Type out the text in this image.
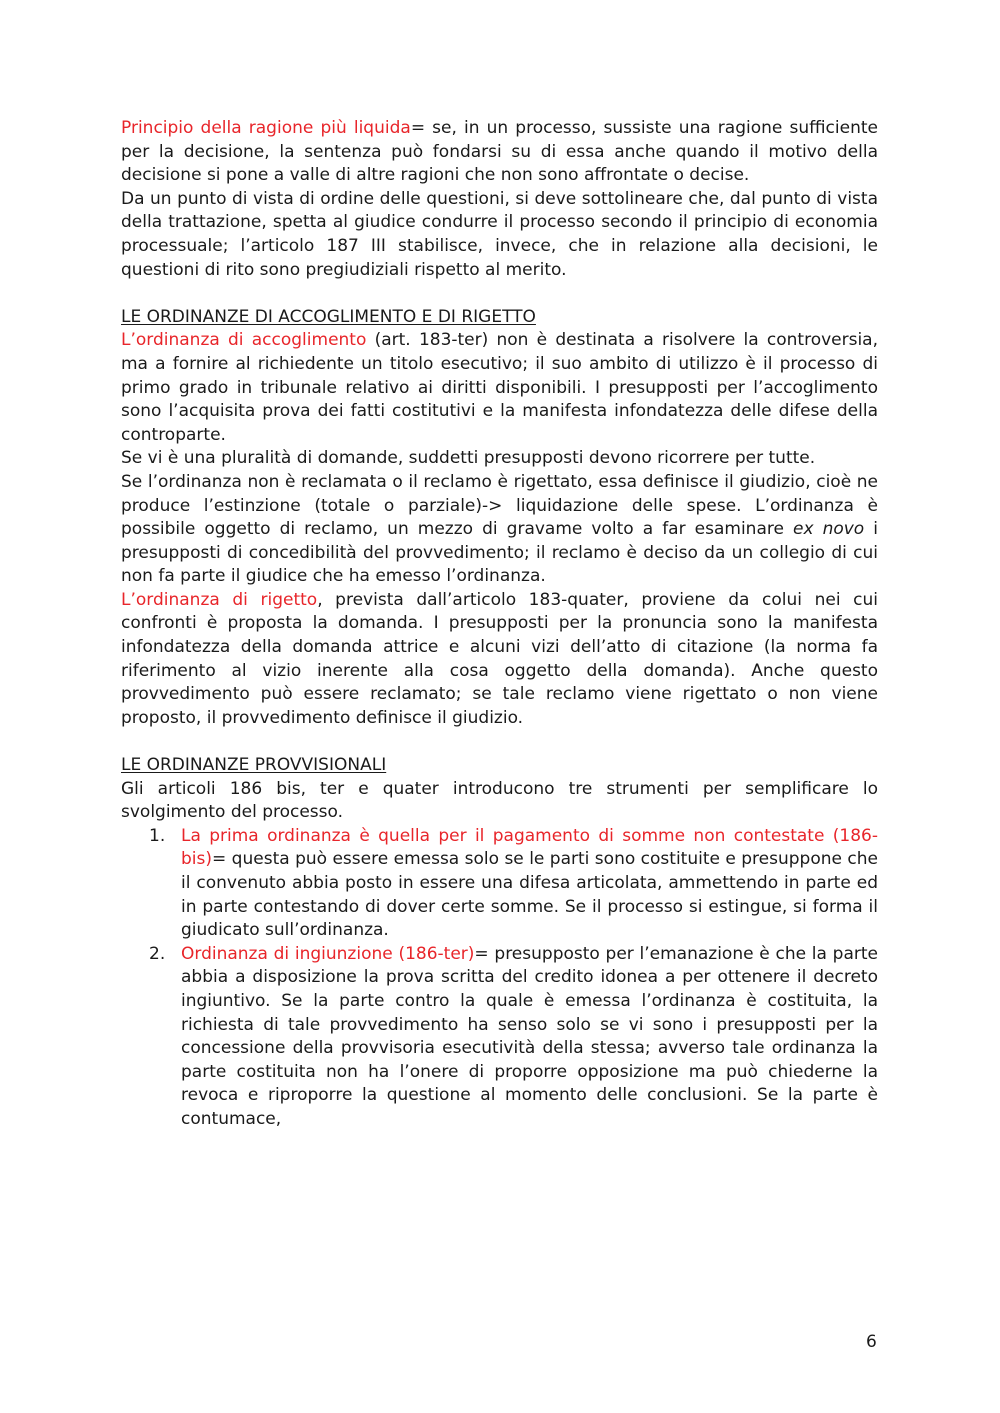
Principio della ragione più liquida= se, in un processo, sussiste una ragione sufficiente per la decisione, la sentenza può fondarsi su di essa anche quando il motivo della decisione si pone a valle di altre ragioni che non sono affrontate o decise.

Da un punto di vista di ordine delle questioni, si deve sottolineare che, dal punto di vista della trattazione, spetta al giudice condurre il processo secondo il principio di economia processuale; l’articolo 187 III stabilisce, invece, che in relazione alla decisioni, le questioni di rito sono pregiudiziali rispetto al merito.

LE ORDINANZE DI ACCOGLIMENTO E DI RIGETTO

L’ordinanza di accoglimento (art. 183-ter) non è destinata a risolvere la controversia, ma a fornire al richiedente un titolo esecutivo; il suo ambito di utilizzo è il processo di primo grado in tribunale relativo ai diritti disponibili. I presupposti per l’accoglimento sono l’acquisita prova dei fatti costitutivi e la manifesta infondatezza delle difese della controparte.

Se vi è una pluralità di domande, suddetti presupposti devono ricorrere per tutte.

Se l’ordinanza non è reclamata o il reclamo è rigettato, essa definisce il giudizio, cioè ne produce l’estinzione (totale o parziale)-> liquidazione delle spese. L’ordinanza è possibile oggetto di reclamo, un mezzo di gravame volto a far esaminare ex novo i presupposti di concedibilità del provvedimento; il reclamo è deciso da un collegio di cui non fa parte il giudice che ha emesso l’ordinanza.

L’ordinanza di rigetto, prevista dall’articolo 183-quater, proviene da colui nei cui confronti è proposta la domanda. I presupposti per la pronuncia sono la manifesta infondatezza della domanda attrice e alcuni vizi dell’atto di citazione (la norma fa riferimento al vizio inerente alla cosa oggetto della domanda). Anche questo provvedimento può essere reclamato; se tale reclamo viene rigettato o non viene proposto, il provvedimento definisce il giudizio.

LE ORDINANZE PROVVISIONALI

Gli articoli 186 bis, ter e quater introducono tre strumenti per semplificare lo svolgimento del processo.

1. La prima ordinanza è quella per il pagamento di somme non contestate (186-bis)= questa può essere emessa solo se le parti sono costituite e presuppone che il convenuto abbia posto in essere una difesa articolata, ammettendo in parte ed in parte contestando di dover certe somme. Se il processo si estingue, si forma il giudicato sull’ordinanza.

2. Ordinanza di ingiunzione (186-ter)= presupposto per l’emanazione è che la parte abbia a disposizione la prova scritta del credito idonea a per ottenere il decreto ingiuntivo. Se la parte contro la quale è emessa l’ordinanza è costituita, la richiesta di tale provvedimento ha senso solo se vi sono i presupposti per la concessione della provvisoria esecutività della stessa; avverso tale ordinanza la parte costituita non ha l’onere di proporre opposizione ma può chiederne la revoca e riproporre la questione al momento delle conclusioni. Se la parte è contumace,

6
